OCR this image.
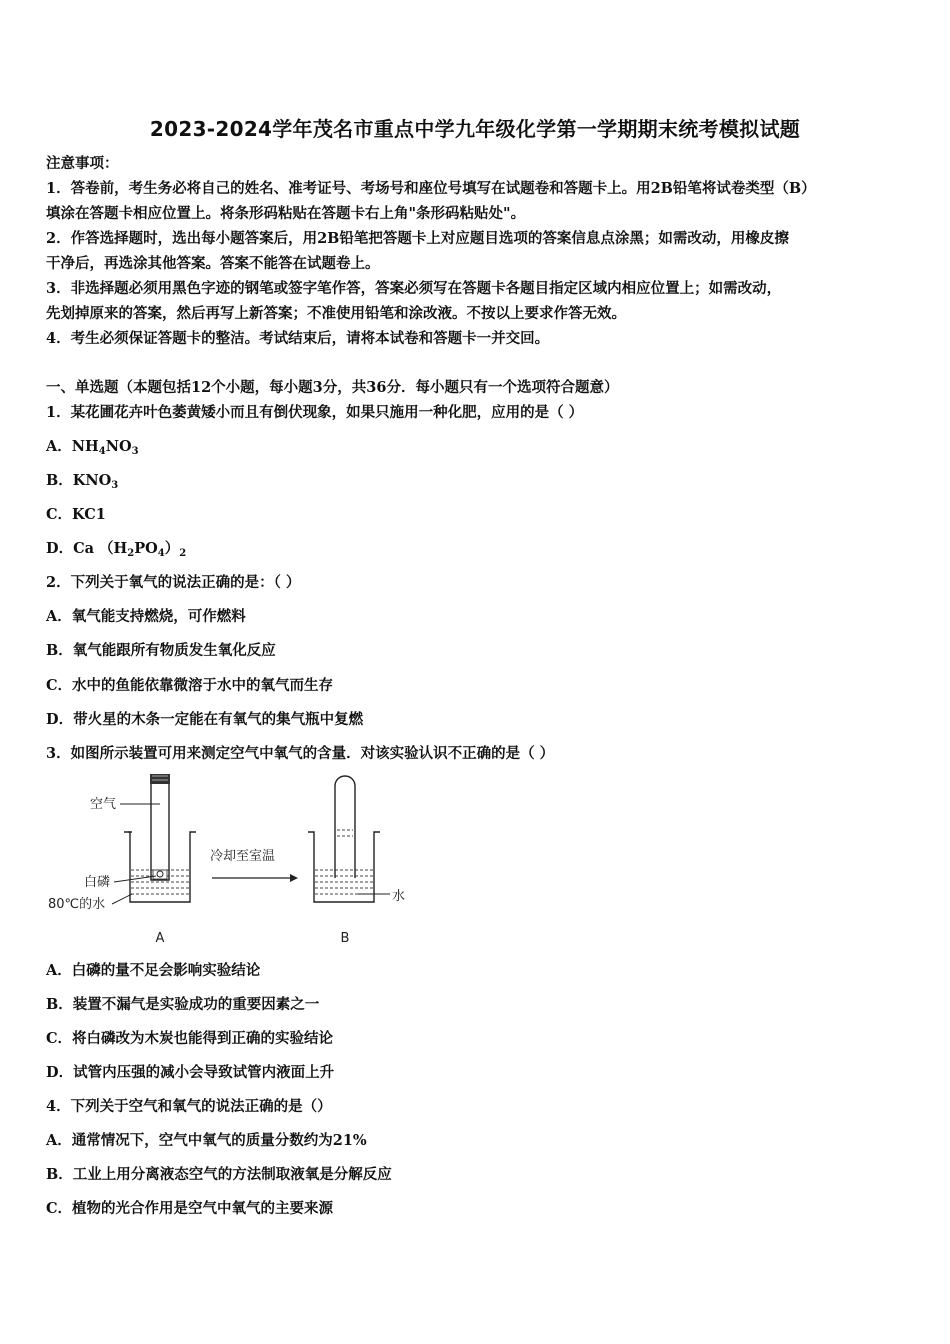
2023-2024学年茂名市重点中学九年级化学第一学期期末统考模拟试题
注意事项：
1．答卷前，考生务必将自己的姓名、准考证号、考场号和座位号填写在试题卷和答题卡上。用2B铅笔将试卷类型（B）
填涂在答题卡相应位置上。将条形码粘贴在答题卡右上角"条形码粘贴处"。
2．作答选择题时，选出每小题答案后，用2B铅笔把答题卡上对应题目选项的答案信息点涂黑；如需改动，用橡皮擦
干净后，再选涂其他答案。答案不能答在试题卷上。
3．非选择题必须用黑色字迹的钢笔或签字笔作答，答案必须写在答题卡各题目指定区域内相应位置上；如需改动，
先划掉原来的答案，然后再写上新答案；不准使用铅笔和涂改液。不按以上要求作答无效。
4．考生必须保证答题卡的整洁。考试结束后，请将本试卷和答题卡一并交回。
一、单选题（本题包括12个小题，每小题3分，共36分．每小题只有一个选项符合题意）
1．某花圃花卉叶色萎黄矮小而且有倒伏现象，如果只施用一种化肥，应用的是（ ）
A．$NH_4NO_3$
B．$KNO_3$
C．KC1
D．Ca $(H_2PO_4)_2$
2．下列关于氧气的说法正确的是：（ ）
A．氧气能支持燃烧，可作燃料
B．氧气能跟所有物质发生氧化反应
C．水中的鱼能依靠微溶于水中的氧气而生存
D．带火星的木条一定能在有氧气的集气瓶中复燃
3．如图所示装置可用来测定空气中氧气的含量．对该实验认识不正确的是（ ）
空气
白磷
80℃的水
A
冷却至室温
水
B
A．白磷的量不足会影响实验结论
B．装置不漏气是实验成功的重要因素之一
C．将白磷改为木炭也能得到正确的实验结论
D．试管内压强的减小会导致试管内液面上升
4．下列关于空气和氧气的说法正确的是（）
A．通常情况下，空气中氧气的质量分数约为21%
B．工业上用分离液态空气的方法制取液氧是分解反应
C．植物的光合作用是空气中氧气的主要来源
